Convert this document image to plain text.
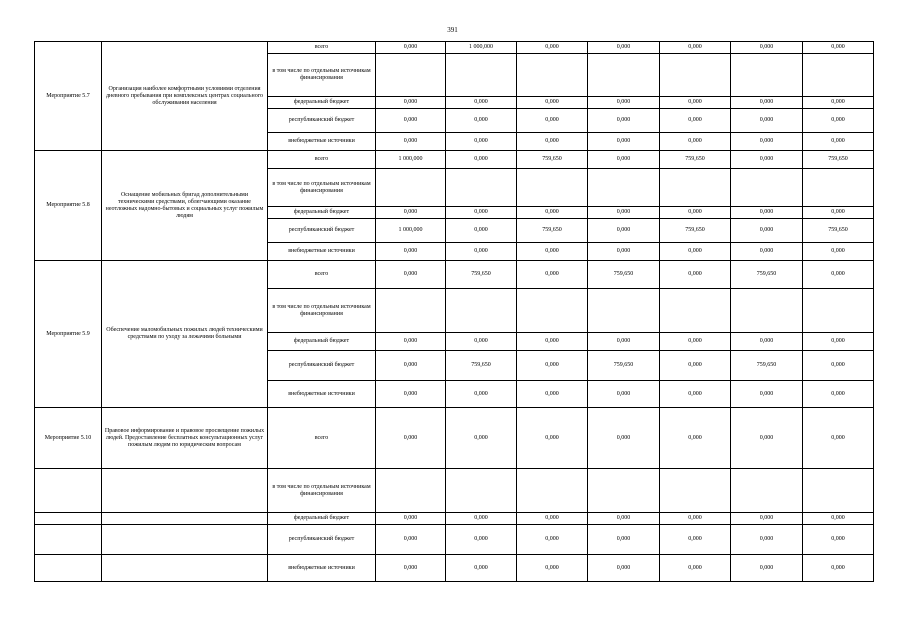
391
Мероприятие 5.7	Организация наиболее комфортными условиями отделения дневного пребывания при комплексных центрах социального обслуживания населения	всего	0,000	1 000,000	0,000	0,000	0,000	0,000	0,000
		в том числе по отдельным источникам финансирования							
		федеральный бюджет	0,000	0,000	0,000	0,000	0,000	0,000	0,000
		республиканский бюджет	0,000	0,000	0,000	0,000	0,000	0,000	0,000
		внебюджетные источники	0,000	0,000	0,000	0,000	0,000	0,000	0,000
Мероприятие 5.8	Оснащение мобильных бригад дополнительными техническими средствами, облегчающими оказание неотложных надомно-бытовых и социальных услуг пожилым людям	всего	1 000,000	0,000	759,650	0,000	759,650	0,000	759,650
		в том числе по отдельным источникам финансирования							
		федеральный бюджет	0,000	0,000	0,000	0,000	0,000	0,000	0,000
		республиканский бюджет	1 000,000	0,000	759,650	0,000	759,650	0,000	759,650
		внебюджетные источники	0,000	0,000	0,000	0,000	0,000	0,000	0,000
Мероприятие 5.9	Обеспечение маломобильных пожилых людей техническими средствами по уходу за лежачими больными	всего	0,000	759,650	0,000	759,650	0,000	759,650	0,000
		в том числе по отдельным источникам финансирования							
		федеральный бюджет	0,000	0,000	0,000	0,000	0,000	0,000	0,000
		республиканский бюджет	0,000	759,650	0,000	759,650	0,000	759,650	0,000
		внебюджетные источники	0,000	0,000	0,000	0,000	0,000	0,000	0,000
Мероприятие 5.10	Правовое информирование и правовое просвещение пожилых людей. Предоставление бесплатных консультационных услуг пожилым людям по юридическим вопросам	всего	0,000	0,000	0,000	0,000	0,000	0,000	0,000
		в том числе по отдельным источникам финансирования							
		федеральный бюджет	0,000	0,000	0,000	0,000	0,000	0,000	0,000
		республиканский бюджет	0,000	0,000	0,000	0,000	0,000	0,000	0,000
		внебюджетные источники	0,000	0,000	0,000	0,000	0,000	0,000	0,000
